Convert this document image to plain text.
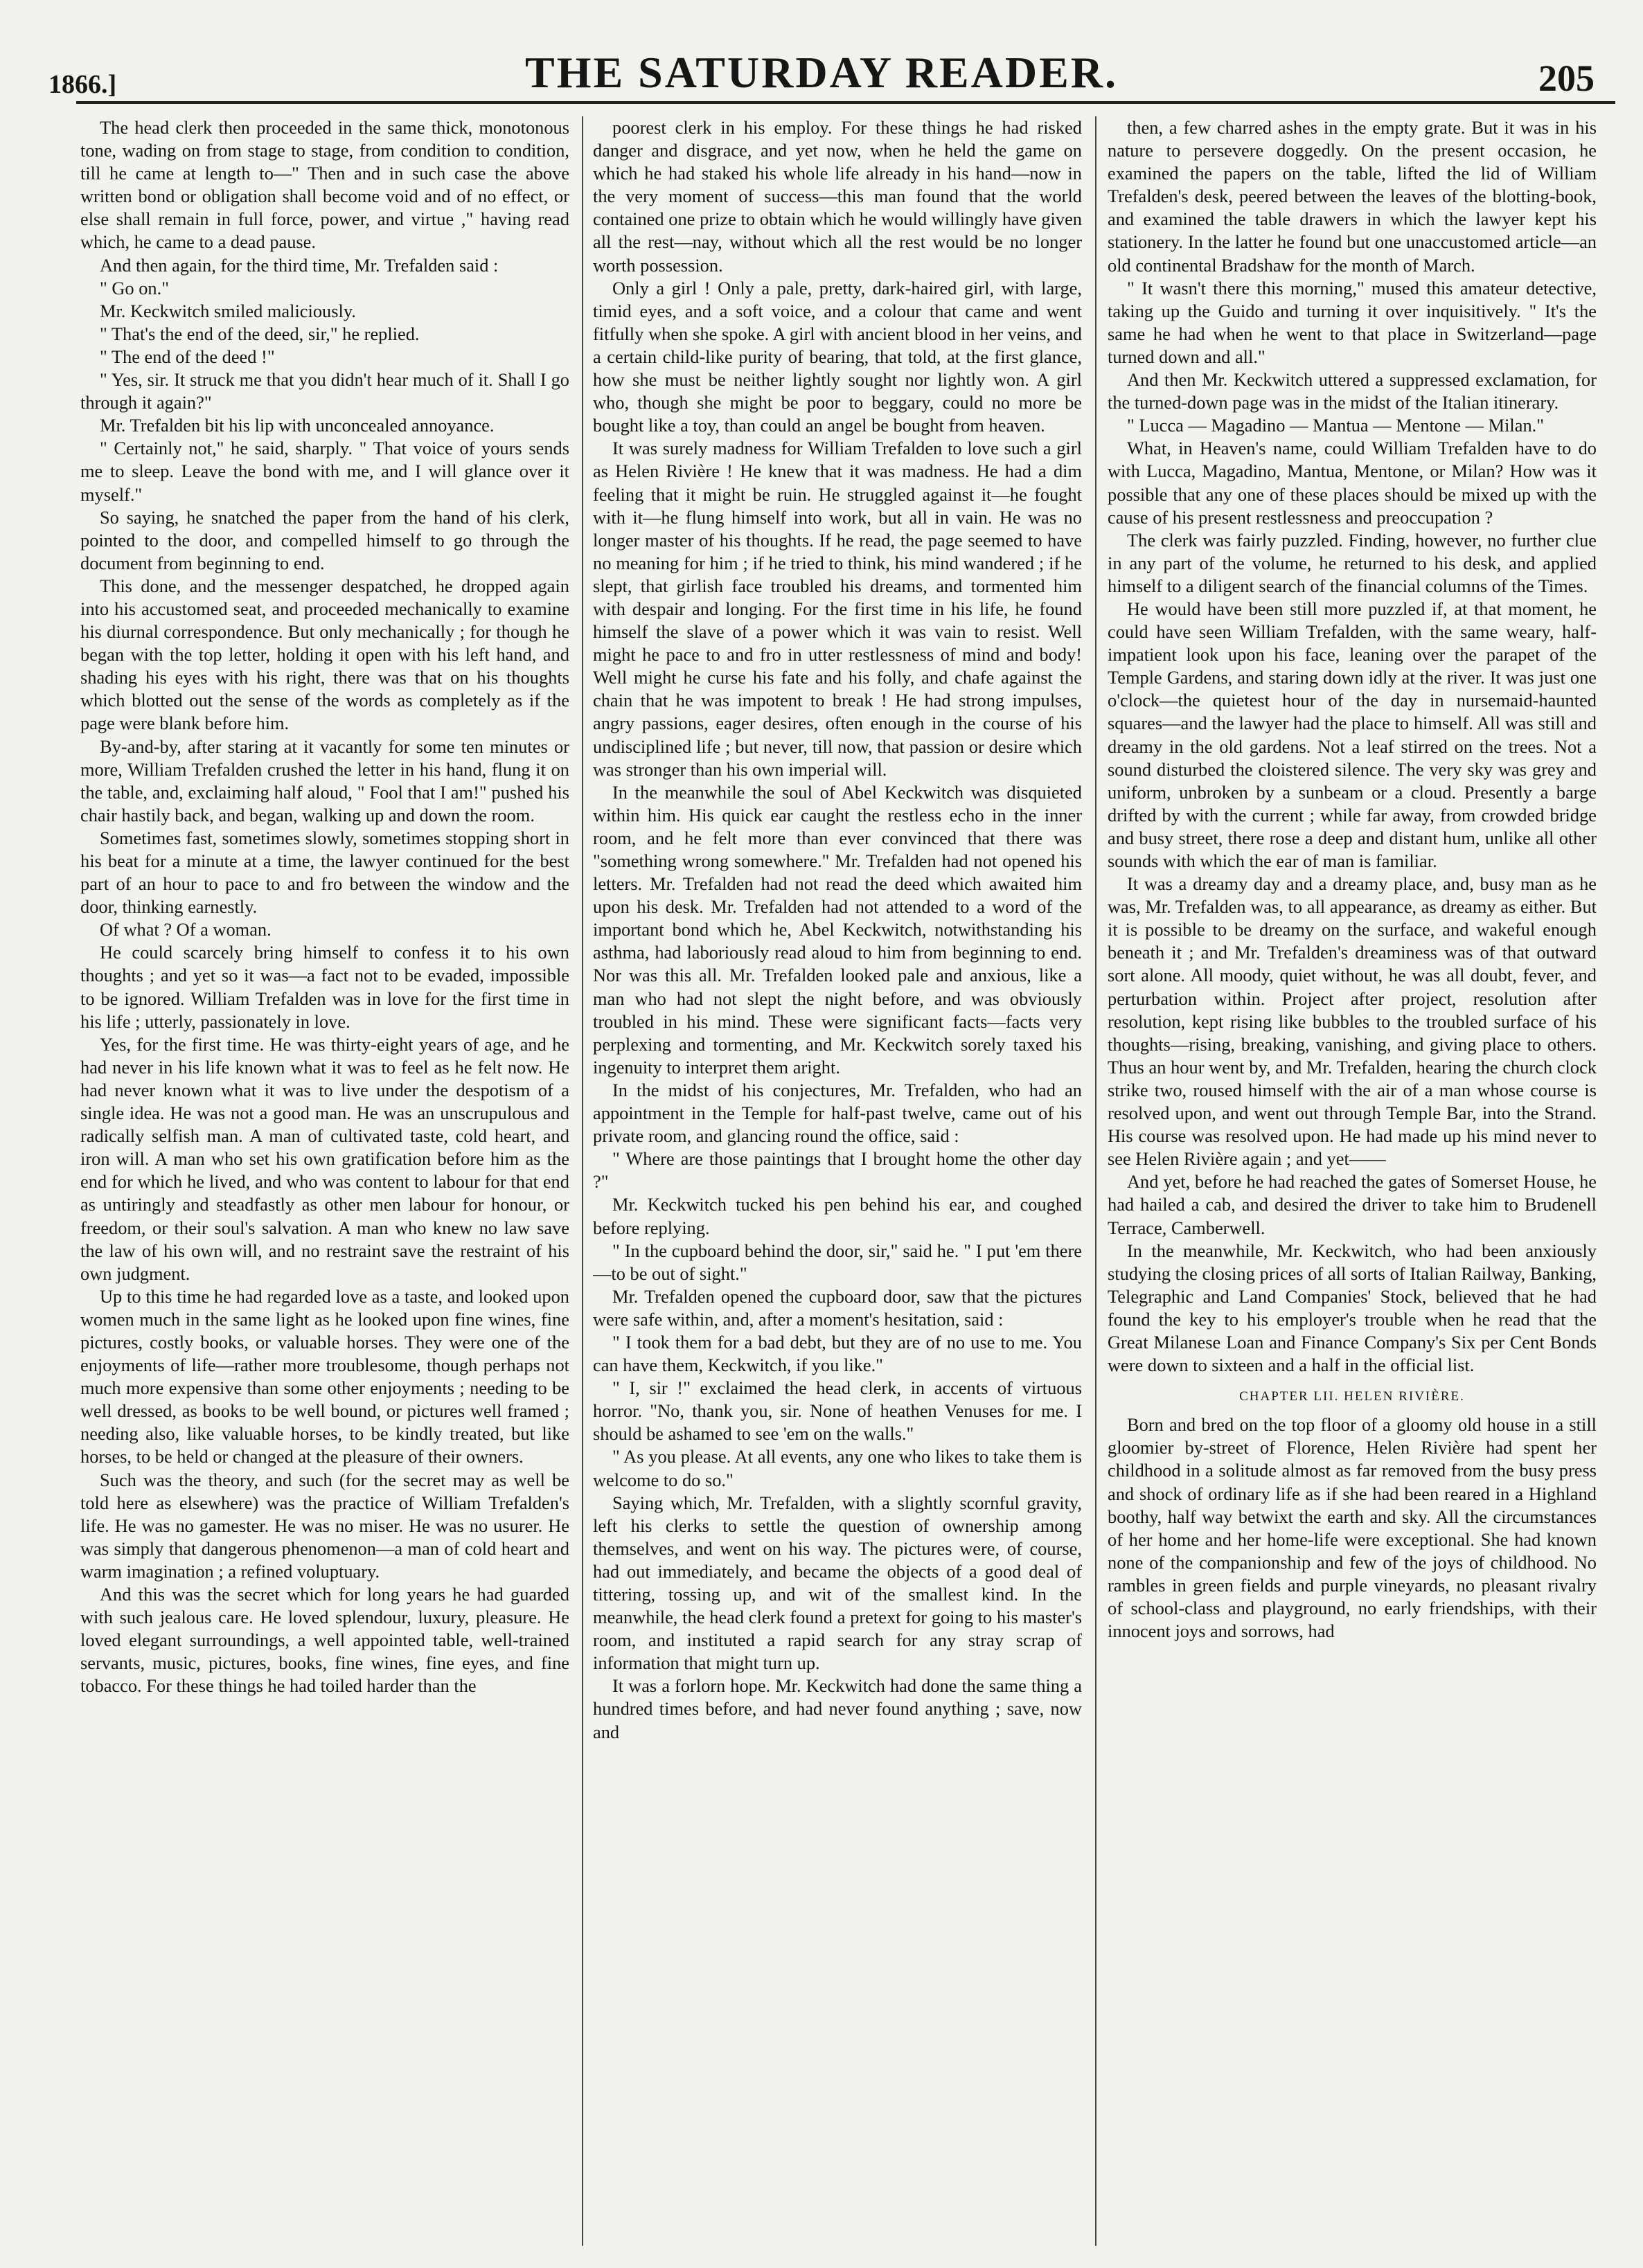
1866.]	THE SATURDAY READER.	205

The head clerk then proceeded in the same thick, monotonous tone, wading on from stage to stage, from condition to condition, till he came at length to—" Then and in such case the above written bond or obligation shall become void and of no effect, or else shall remain in full force, power, and virtue ," having read which, he came to a dead pause.

And then again, for the third time, Mr. Trefalden said :

" Go on."

Mr. Keckwitch smiled maliciously.

" That's the end of the deed, sir," he replied.

" The end of the deed !"

" Yes, sir. It struck me that you didn't hear much of it. Shall I go through it again?"

Mr. Trefalden bit his lip with unconcealed annoyance.

" Certainly not," he said, sharply. " That voice of yours sends me to sleep. Leave the bond with me, and I will glance over it myself."

So saying, he snatched the paper from the hand of his clerk, pointed to the door, and compelled himself to go through the document from beginning to end.

This done, and the messenger despatched, he dropped again into his accustomed seat, and proceeded mechanically to examine his diurnal correspondence. But only mechanically ; for though he began with the top letter, holding it open with his left hand, and shading his eyes with his right, there was that on his thoughts which blotted out the sense of the words as completely as if the page were blank before him.

By-and-by, after staring at it vacantly for some ten minutes or more, William Trefalden crushed the letter in his hand, flung it on the table, and, exclaiming half aloud, " Fool that I am!" pushed his chair hastily back, and began, walking up and down the room.

Sometimes fast, sometimes slowly, sometimes stopping short in his beat for a minute at a time, the lawyer continued for the best part of an hour to pace to and fro between the window and the door, thinking earnestly.

Of what ? Of a woman.

He could scarcely bring himself to confess it to his own thoughts ; and yet so it was—a fact not to be evaded, impossible to be ignored. William Trefalden was in love for the first time in his life ; utterly, passionately in love.

Yes, for the first time. He was thirty-eight years of age, and he had never in his life known what it was to feel as he felt now. He had never known what it was to live under the despotism of a single idea. He was not a good man. He was an unscrupulous and radically selfish man. A man of cultivated taste, cold heart, and iron will. A man who set his own gratification before him as the end for which he lived, and who was content to labour for that end as untiringly and steadfastly as other men labour for honour, or freedom, or their soul's salvation. A man who knew no law save the law of his own will, and no restraint save the restraint of his own judgment.

Up to this time he had regarded love as a taste, and looked upon women much in the same light as he looked upon fine wines, fine pictures, costly books, or valuable horses. They were one of the enjoyments of life—rather more troublesome, though perhaps not much more expensive than some other enjoyments ; needing to be well dressed, as books to be well bound, or pictures well framed ; needing also, like valuable horses, to be kindly treated, but like horses, to be held or changed at the pleasure of their owners.

Such was the theory, and such (for the secret may as well be told here as elsewhere) was the practice of William Trefalden's life. He was no gamester. He was no miser. He was no usurer. He was simply that dangerous phenomenon—a man of cold heart and warm imagination ; a refined voluptuary.

And this was the secret which for long years he had guarded with such jealous care. He loved splendour, luxury, pleasure. He loved elegant surroundings, a well appointed table, well-trained servants, music, pictures, books, fine wines, fine eyes, and fine tobacco. For these things he had toiled harder than the

poorest clerk in his employ. For these things he had risked danger and disgrace, and yet now, when he held the game on which he had staked his whole life already in his hand—now in the very moment of success—this man found that the world contained one prize to obtain which he would willingly have given all the rest—nay, without which all the rest would be no longer worth possession.

Only a girl ! Only a pale, pretty, dark-haired girl, with large, timid eyes, and a soft voice, and a colour that came and went fitfully when she spoke. A girl with ancient blood in her veins, and a certain child-like purity of bearing, that told, at the first glance, how she must be neither lightly sought nor lightly won. A girl who, though she might be poor to beggary, could no more be bought like a toy, than could an angel be bought from heaven.

It was surely madness for William Trefalden to love such a girl as Helen Rivière ! He knew that it was madness. He had a dim feeling that it might be ruin. He struggled against it—he fought with it—he flung himself into work, but all in vain. He was no longer master of his thoughts. If he read, the page seemed to have no meaning for him ; if he tried to think, his mind wandered ; if he slept, that girlish face troubled his dreams, and tormented him with despair and longing. For the first time in his life, he found himself the slave of a power which it was vain to resist. Well might he pace to and fro in utter restlessness of mind and body! Well might he curse his fate and his folly, and chafe against the chain that he was impotent to break ! He had strong impulses, angry passions, eager desires, often enough in the course of his undisciplined life ; but never, till now, that passion or desire which was stronger than his own imperial will.

In the meanwhile the soul of Abel Keckwitch was disquieted within him. His quick ear caught the restless echo in the inner room, and he felt more than ever convinced that there was "something wrong somewhere." Mr. Trefalden had not opened his letters. Mr. Trefalden had not read the deed which awaited him upon his desk. Mr. Trefalden had not attended to a word of the important bond which he, Abel Keckwitch, notwithstanding his asthma, had laboriously read aloud to him from beginning to end. Nor was this all. Mr. Trefalden looked pale and anxious, like a man who had not slept the night before, and was obviously troubled in his mind. These were significant facts—facts very perplexing and tormenting, and Mr. Keckwitch sorely taxed his ingenuity to interpret them aright.

In the midst of his conjectures, Mr. Trefalden, who had an appointment in the Temple for half-past twelve, came out of his private room, and glancing round the office, said :

" Where are those paintings that I brought home the other day ?"

Mr. Keckwitch tucked his pen behind his ear, and coughed before replying.

" In the cupboard behind the door, sir," said he. " I put 'em there—to be out of sight."

Mr. Trefalden opened the cupboard door, saw that the pictures were safe within, and, after a moment's hesitation, said :

" I took them for a bad debt, but they are of no use to me. You can have them, Keckwitch, if you like."

" I, sir !" exclaimed the head clerk, in accents of virtuous horror. "No, thank you, sir. None of heathen Venuses for me. I should be ashamed to see 'em on the walls."

" As you please. At all events, any one who likes to take them is welcome to do so."

Saying which, Mr. Trefalden, with a slightly scornful gravity, left his clerks to settle the question of ownership among themselves, and went on his way. The pictures were, of course, had out immediately, and became the objects of a good deal of tittering, tossing up, and wit of the smallest kind. In the meanwhile, the head clerk found a pretext for going to his master's room, and instituted a rapid search for any stray scrap of information that might turn up.

It was a forlorn hope. Mr. Keckwitch had done the same thing a hundred times before, and had never found anything ; save, now and

then, a few charred ashes in the empty grate. But it was in his nature to persevere doggedly. On the present occasion, he examined the papers on the table, lifted the lid of William Trefalden's desk, peered between the leaves of the blotting-book, and examined the table drawers in which the lawyer kept his stationery. In the latter he found but one unaccustomed article—an old continental Bradshaw for the month of March.

" It wasn't there this morning," mused this amateur detective, taking up the Guido and turning it over inquisitively. " It's the same he had when he went to that place in Switzerland—page turned down and all."

And then Mr. Keckwitch uttered a suppressed exclamation, for the turned-down page was in the midst of the Italian itinerary.

" Lucca — Magadino — Mantua — Mentone — Milan."

What, in Heaven's name, could William Trefalden have to do with Lucca, Magadino, Mantua, Mentone, or Milan? How was it possible that any one of these places should be mixed up with the cause of his present restlessness and preoccupation ?

The clerk was fairly puzzled. Finding, however, no further clue in any part of the volume, he returned to his desk, and applied himself to a diligent search of the financial columns of the Times.

He would have been still more puzzled if, at that moment, he could have seen William Trefalden, with the same weary, half-impatient look upon his face, leaning over the parapet of the Temple Gardens, and staring down idly at the river. It was just one o'clock—the quietest hour of the day in nursemaid-haunted squares—and the lawyer had the place to himself. All was still and dreamy in the old gardens. Not a leaf stirred on the trees. Not a sound disturbed the cloistered silence. The very sky was grey and uniform, unbroken by a sunbeam or a cloud. Presently a barge drifted by with the current ; while far away, from crowded bridge and busy street, there rose a deep and distant hum, unlike all other sounds with which the ear of man is familiar.

It was a dreamy day and a dreamy place, and, busy man as he was, Mr. Trefalden was, to all appearance, as dreamy as either. But it is possible to be dreamy on the surface, and wakeful enough beneath it ; and Mr. Trefalden's dreaminess was of that outward sort alone. All moody, quiet without, he was all doubt, fever, and perturbation within. Project after project, resolution after resolution, kept rising like bubbles to the troubled surface of his thoughts—rising, breaking, vanishing, and giving place to others. Thus an hour went by, and Mr. Trefalden, hearing the church clock strike two, roused himself with the air of a man whose course is resolved upon, and went out through Temple Bar, into the Strand. His course was resolved upon. He had made up his mind never to see Helen Rivière again ; and yet——

And yet, before he had reached the gates of Somerset House, he had hailed a cab, and desired the driver to take him to Brudenell Terrace, Camberwell.

In the meanwhile, Mr. Keckwitch, who had been anxiously studying the closing prices of all sorts of Italian Railway, Banking, Telegraphic and Land Companies' Stock, believed that he had found the key to his employer's trouble when he read that the Great Milanese Loan and Finance Company's Six per Cent Bonds were down to sixteen and a half in the official list.

CHAPTER LII. HELEN RIVIÈRE.

Born and bred on the top floor of a gloomy old house in a still gloomier by-street of Florence, Helen Rivière had spent her childhood in a solitude almost as far removed from the busy press and shock of ordinary life as if she had been reared in a Highland boothy, half way betwixt the earth and sky. All the circumstances of her home and her home-life were exceptional. She had known none of the companionship and few of the joys of childhood. No rambles in green fields and purple vineyards, no pleasant rivalry of school-class and playground, no early friendships, with their innocent joys and sorrows, had
